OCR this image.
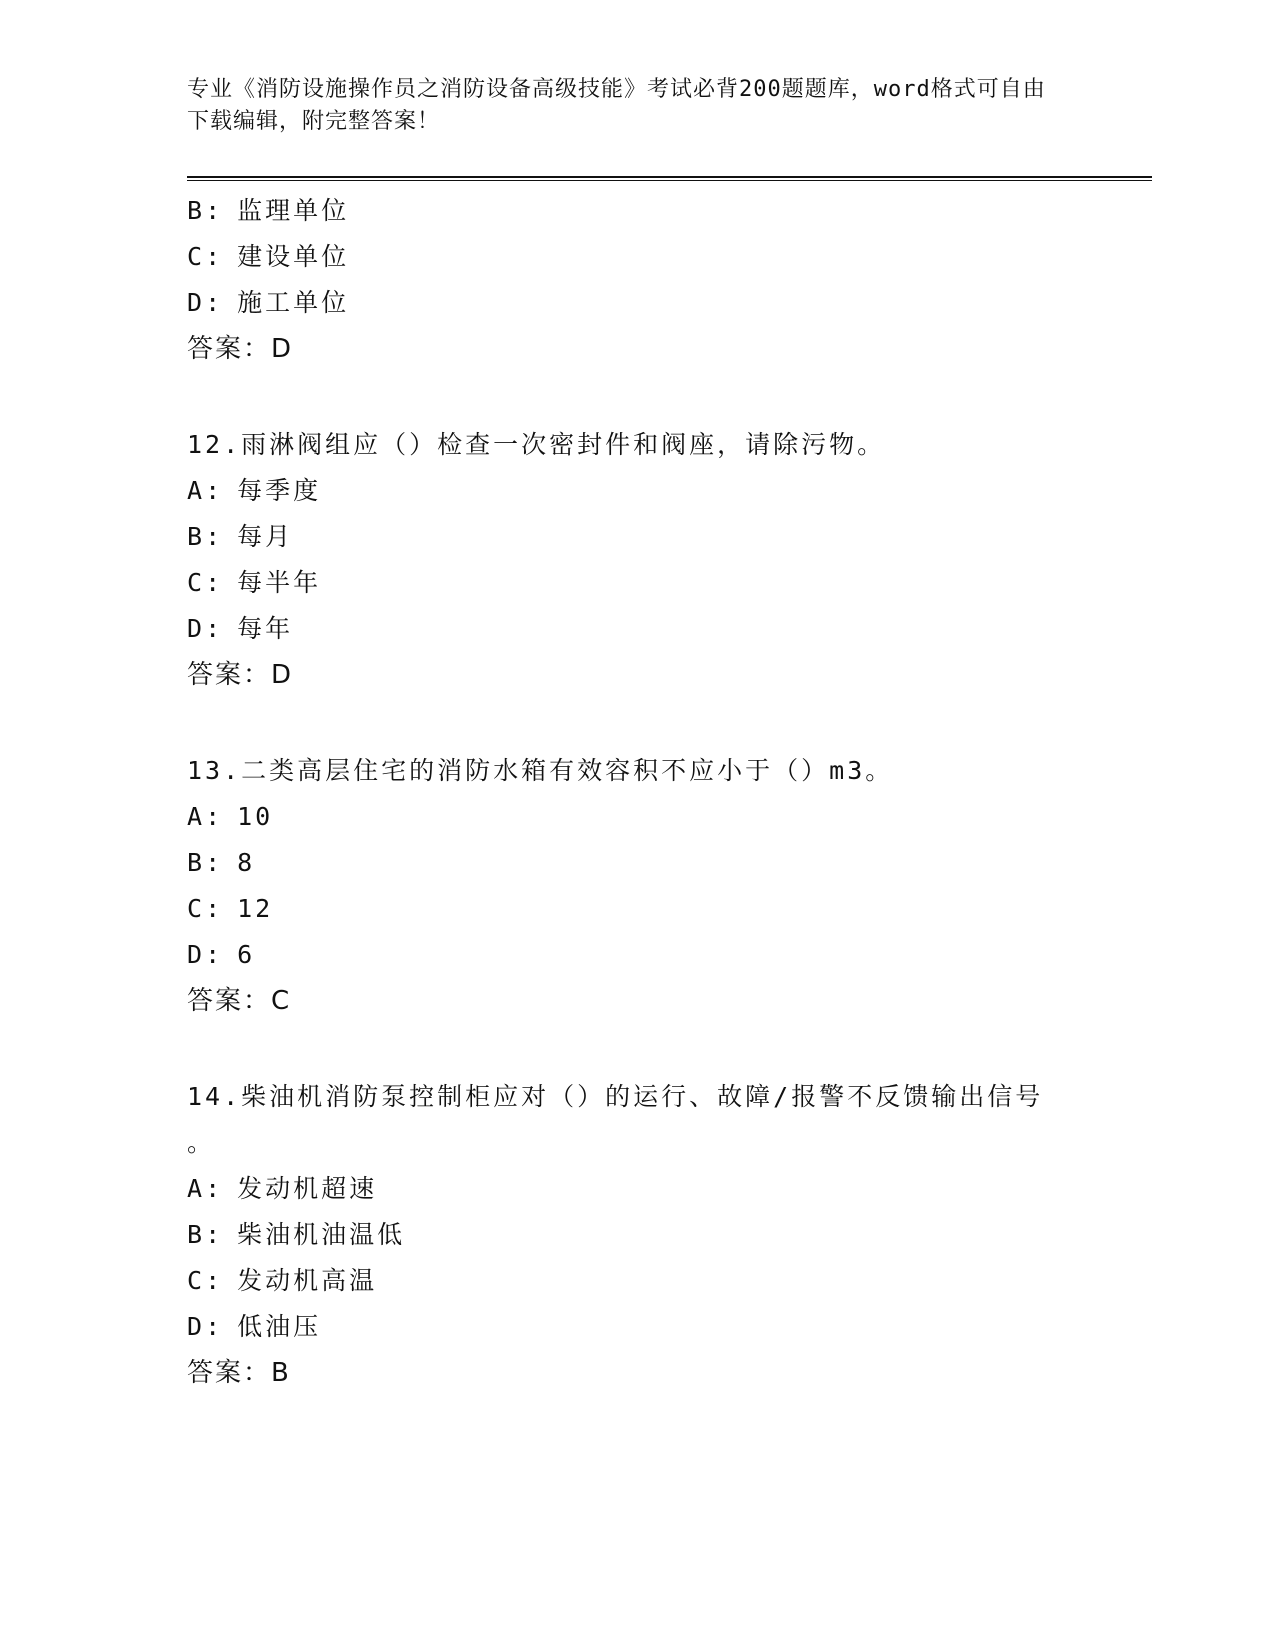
专业《消防设施操作员之消防设备高级技能》考试必背200题题库，word格式可自由下载编辑，附完整答案！
B: 监理单位
C: 建设单位
D: 施工单位
答案：D
12.雨淋阀组应（）检查一次密封件和阀座，请除污物。
A: 每季度
B: 每月
C: 每半年
D: 每年
答案：D
13.二类高层住宅的消防水箱有效容积不应小于（）m3。
A: 10
B: 8
C: 12
D: 6
答案：C
14.柴油机消防泵控制柜应对（）的运行、故障/报警不反馈输出信号
。
A: 发动机超速
B: 柴油机油温低
C: 发动机高温
D: 低油压
答案：B
